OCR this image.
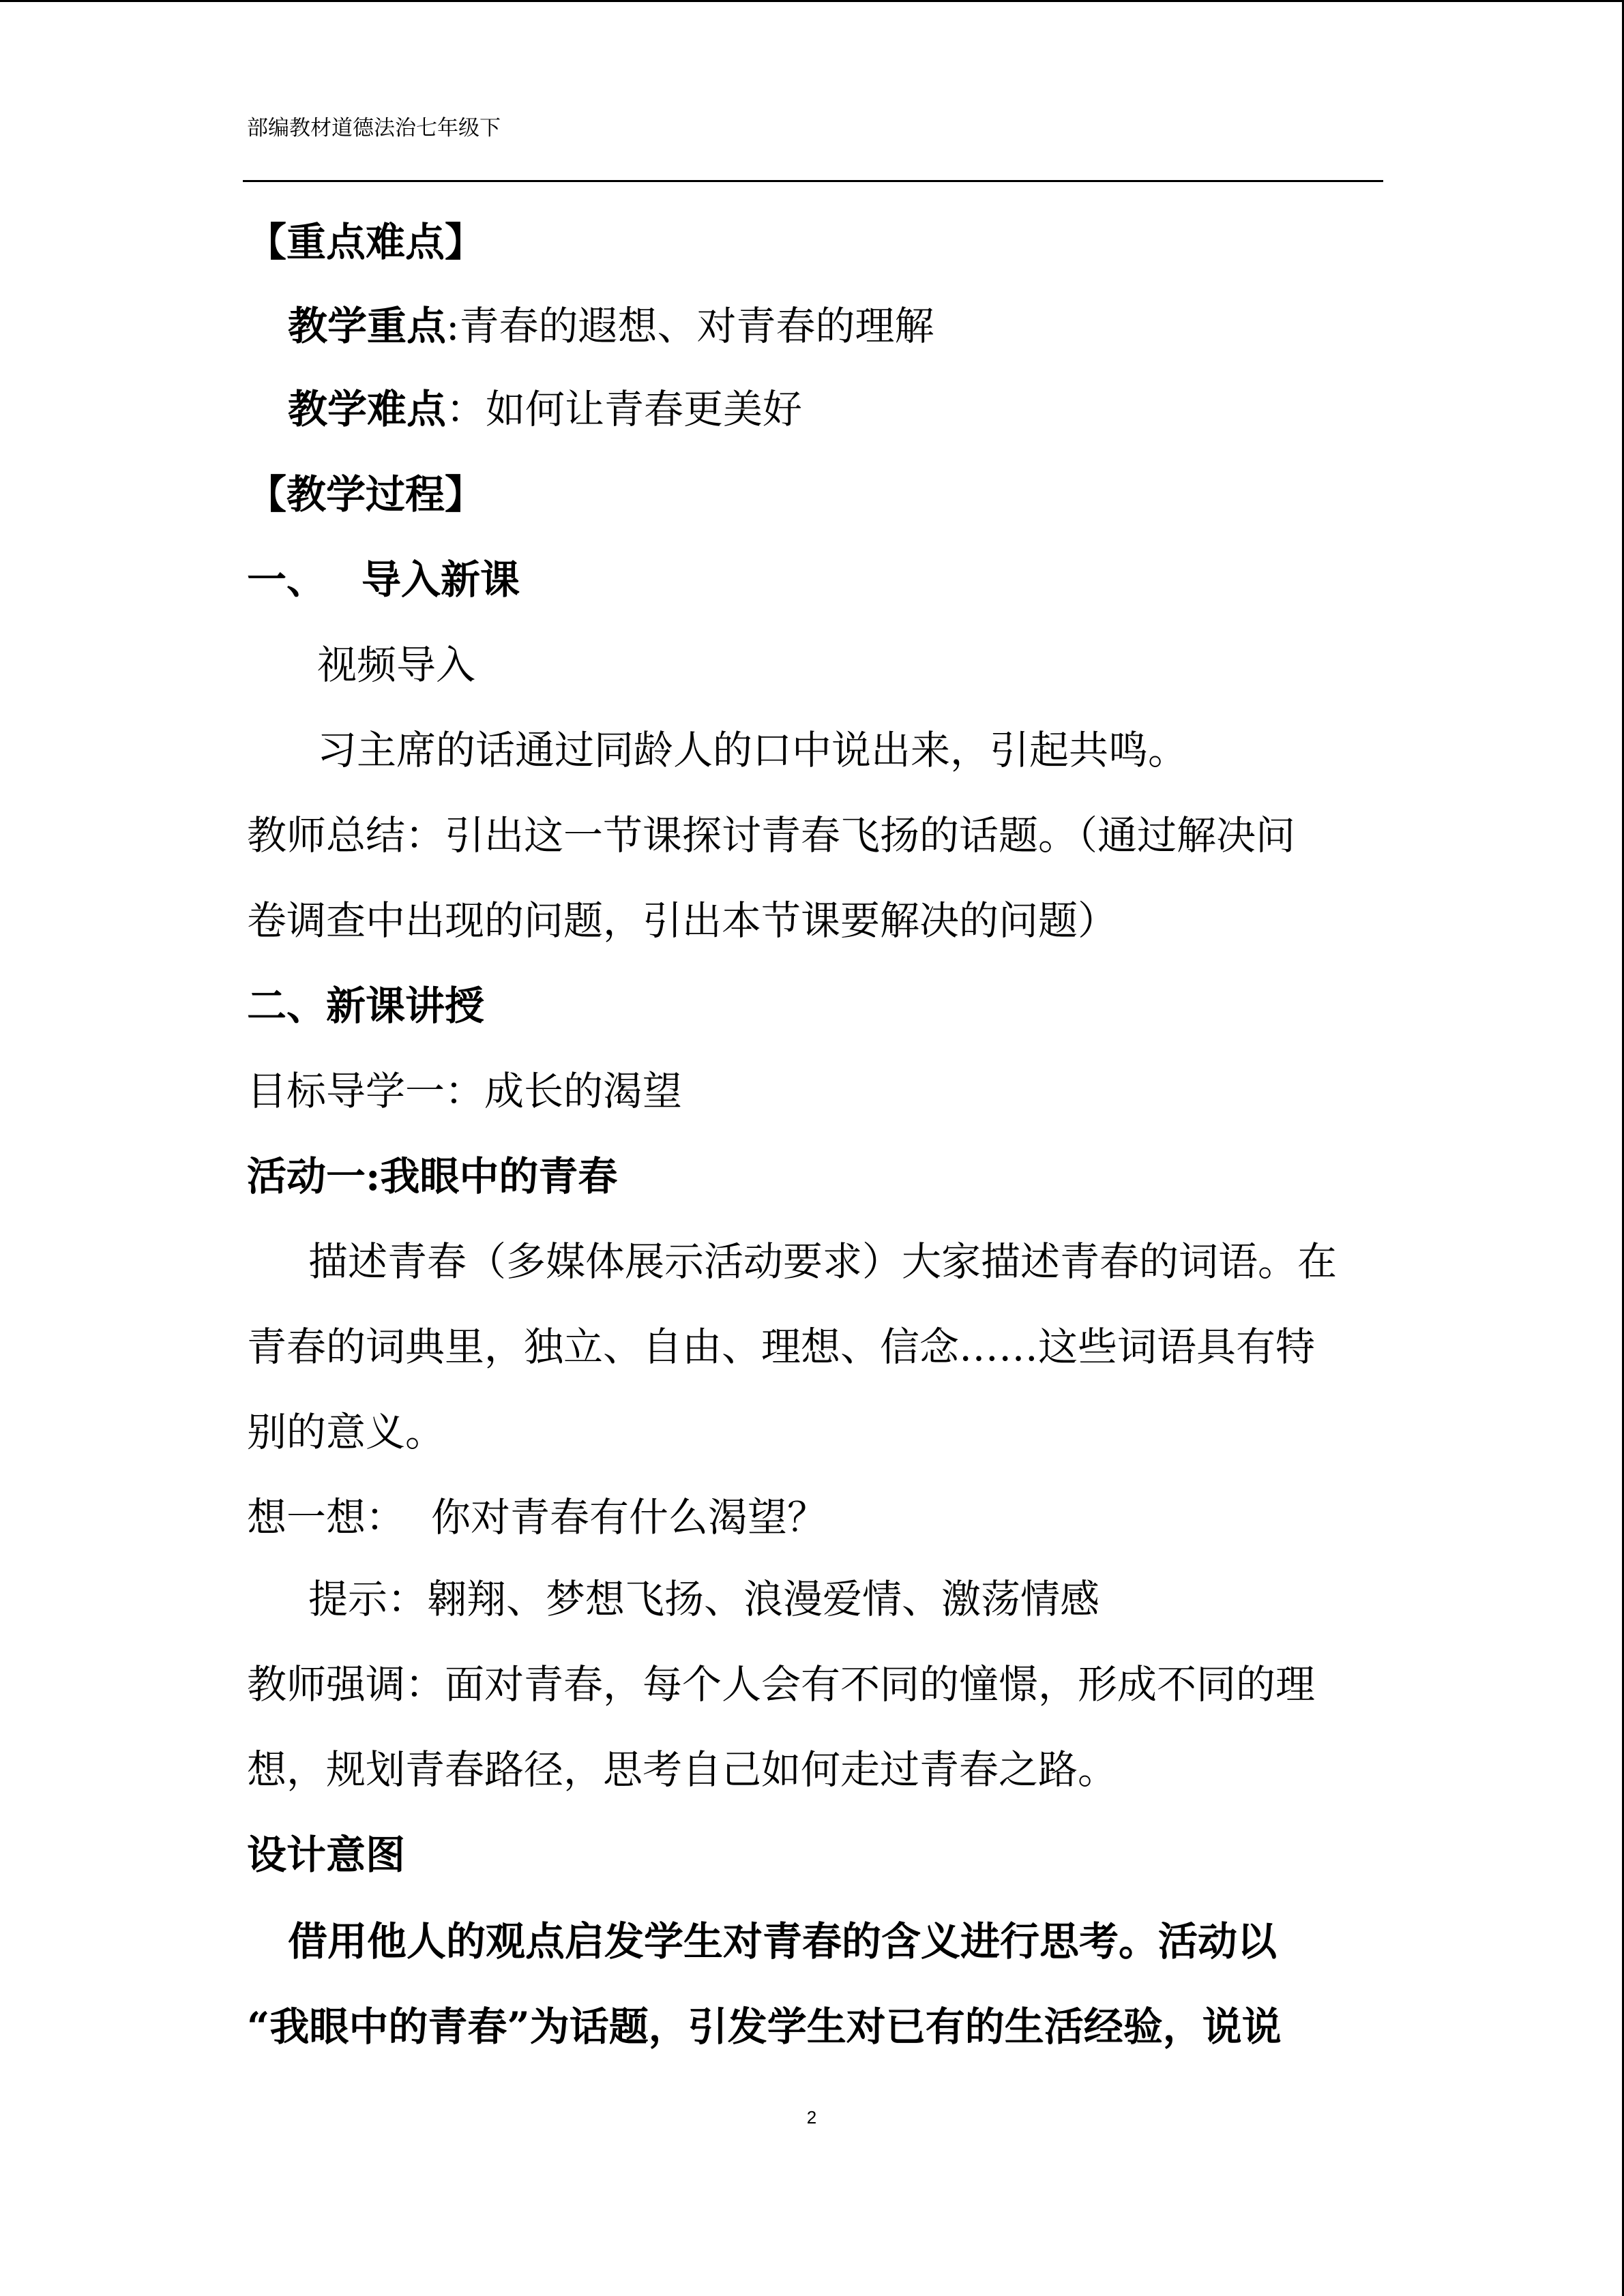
部编教材道德法治七年级下
【重点难点】
教学重点:青春的遐想、对青春的理解
教学难点：如何让青春更美好
【教学过程】
一、 导入新课
视频导入
习主席的话通过同龄人的口中说出来，引起共鸣。
教师总结：引出这一节课探讨青春飞扬的话题。（通过解决问
卷调查中出现的问题，引出本节课要解决的问题）
二、新课讲授
目标导学一：成长的渴望
活动一:我眼中的青春
描述青春（多媒体展示活动要求）大家描述青春的词语。在
青春的词典里，独立、自由、理想、信念……这些词语具有特
别的意义。
想一想： 你对青春有什么渴望？
提示：翱翔、梦想飞扬、浪漫爱情、激荡情感
教师强调：面对青春，每个人会有不同的憧憬，形成不同的理
想，规划青春路径，思考自己如何走过青春之路。
设计意图
借用他人的观点启发学生对青春的含义进行思考。活动以
“我眼中的青春”为话题，引发学生对已有的生活经验，说说
2
